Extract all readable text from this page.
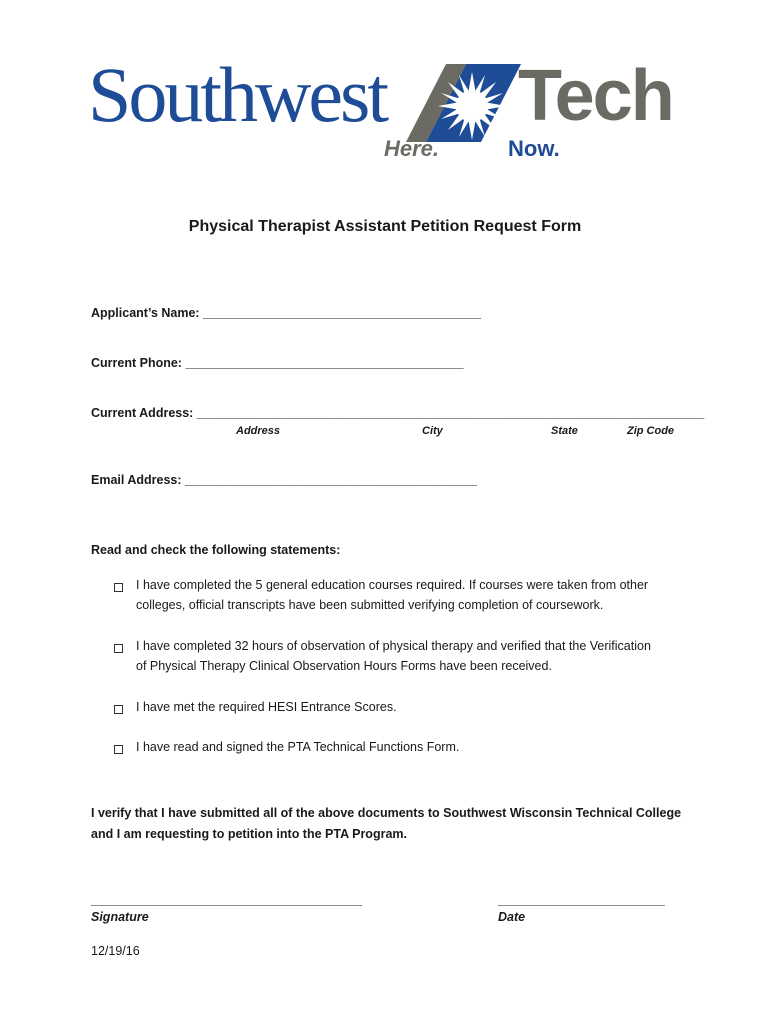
Southwest Tech
Here.	Now.
Physical Therapist Assistant Petition Request Form
Applicant’s Name: ________________________________________
Current Phone: ________________________________________
Current Address: _________________________________________________________________________
Address	City	State	Zip Code
Email Address: __________________________________________
Read and check the following statements:
I have completed the 5 general education courses required. If courses were taken from other
colleges, official transcripts have been submitted verifying completion of coursework.
I have completed 32 hours of observation of physical therapy and verified that the Verification
of Physical Therapy Clinical Observation Hours Forms have been received.
I have met the required HESI Entrance Scores.
I have read and signed the PTA Technical Functions Form.
I verify that I have submitted all of the above documents to Southwest Wisconsin Technical College
and I am requesting to petition into the PTA Program.
_______________________________________
Signature
________________________
Date
12/19/16
